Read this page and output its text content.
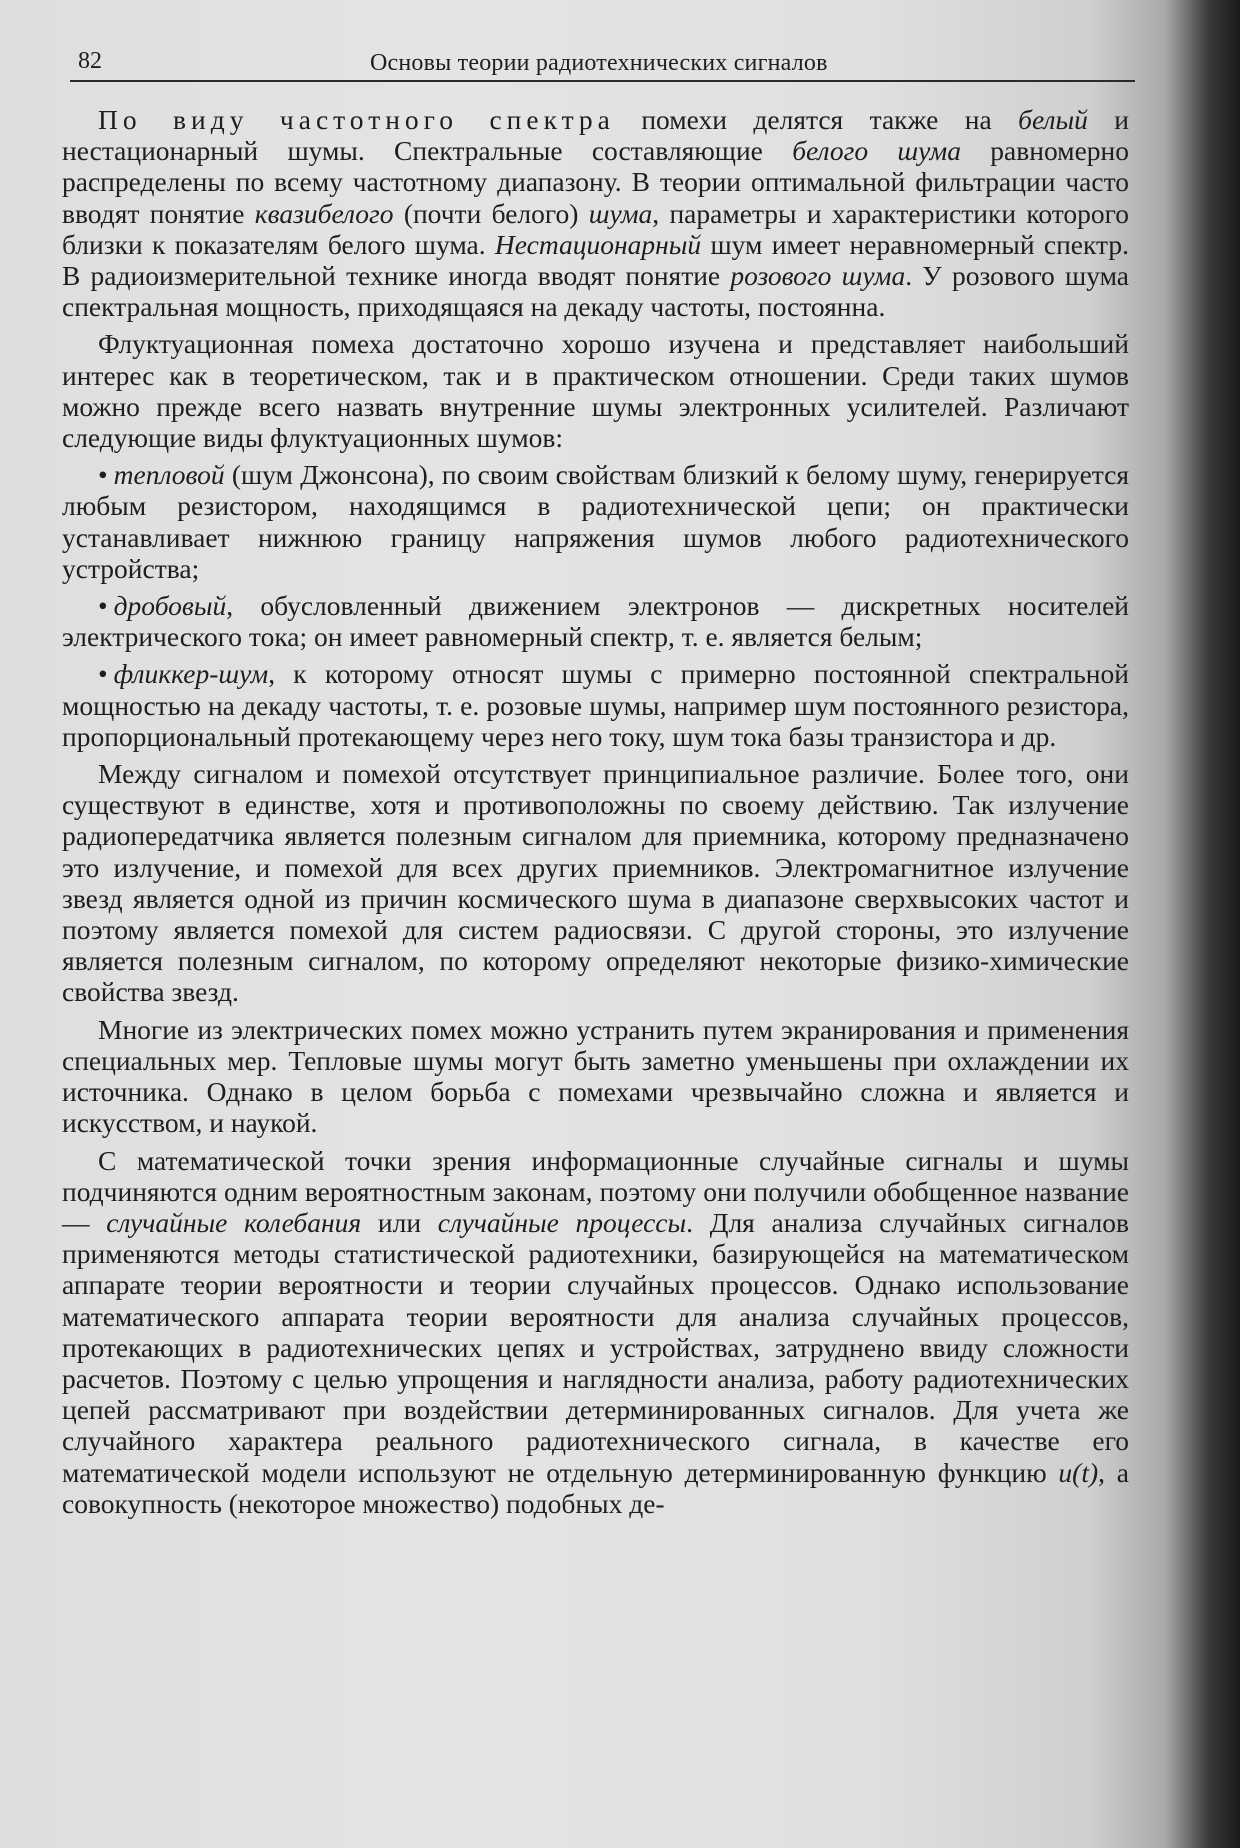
82	Основы теории радиотехнических сигналов

По виду частотного спектра помехи делятся также на белый и нестационарный шумы. Спектральные составляющие белого шума равномерно распределены по всему частотному диапазону. В теории оптимальной фильтрации часто вводят понятие квазибелого (почти белого) шума, параметры и характеристики которого близки к показателям белого шума. Нестационарный шум имеет неравномерный спектр. В радиоизмерительной технике иногда вводят понятие розового шума. У розового шума спектральная мощность, приходящаяся на декаду частоты, постоянна.

Флуктуационная помеха достаточно хорошо изучена и представляет наибольший интерес как в теоретическом, так и в практическом отношении. Среди таких шумов можно прежде всего назвать внутренние шумы электронных усилителей. Различают следующие виды флуктуационных шумов:

• тепловой (шум Джонсона), по своим свойствам близкий к белому шуму, генерируется любым резистором, находящимся в радиотехнической цепи; он практически устанавливает нижнюю границу напряжения шумов любого радиотехнического устройства;

• дробовый, обусловленный движением электронов — дискретных носителей электрического тока; он имеет равномерный спектр, т. е. является белым;

• фликкер-шум, к которому относят шумы с примерно постоянной спектральной мощностью на декаду частоты, т. е. розовые шумы, например шум постоянного резистора, пропорциональный протекающему через него току, шум тока базы транзистора и др.

Между сигналом и помехой отсутствует принципиальное различие. Более того, они существуют в единстве, хотя и противоположны по своему действию. Так излучение радиопередатчика является полезным сигналом для приемника, которому предназначено это излучение, и помехой для всех других приемников. Электромагнитное излучение звезд является одной из причин космического шума в диапазоне сверхвысоких частот и поэтому является помехой для систем радиосвязи. С другой стороны, это излучение является полезным сигналом, по которому определяют некоторые физико-химические свойства звезд.

Многие из электрических помех можно устранить путем экранирования и применения специальных мер. Тепловые шумы могут быть заметно уменьшены при охлаждении их источника. Однако в целом борьба с помехами чрезвычайно сложна и является и искусством, и наукой.

С математической точки зрения информационные случайные сигналы и шумы подчиняются одним вероятностным законам, поэтому они получили обобщенное название — случайные колебания или случайные процессы. Для анализа случайных сигналов применяются методы статистической радиотехники, базирующейся на математическом аппарате теории вероятности и теории случайных процессов. Однако использование математического аппарата теории вероятности для анализа случайных процессов, протекающих в радиотехнических цепях и устройствах, затруднено ввиду сложности расчетов. Поэтому с целью упрощения и наглядности анализа, работу радиотехнических цепей рассматривают при воздействии детерминированных сигналов. Для учета же случайного характера реального радиотехнического сигнала, в качестве его математической модели используют не отдельную детерминированную функцию u(t), а совокупность (некоторое множество) подобных де-
